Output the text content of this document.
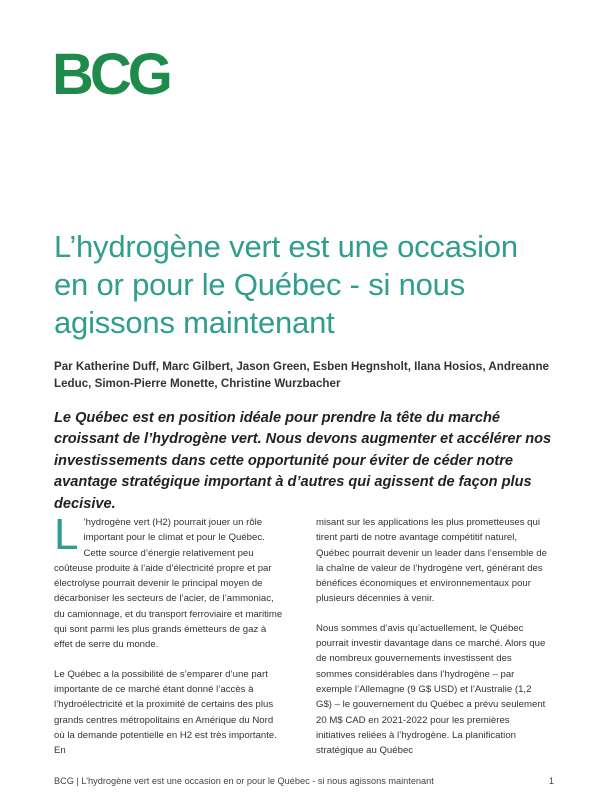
BCG
L’hydrogène vert est une occasion en or pour le Québec - si nous agissons maintenant

Par Katherine Duff, Marc Gilbert, Jason Green, Esben Hegnsholt, Ilana Hosios, Andreanne Leduc, Simon-Pierre Monette, Christine Wurzbacher

Le Québec est en position idéale pour prendre la tête du marché croissant de l’hydrogène vert. Nous devons augmenter et accélérer nos investissements dans cette opportunité pour éviter de céder notre avantage stratégique important à d’autres qui agissent de façon plus decisive.

L ’hydrogène vert (H2) pourrait jouer un rôle important pour le climat et pour le Québec. Cette source d’énergie relativement peu coûteuse produite à l’aide d’électricité propre et par électrolyse pourrait devenir le principal moyen de décarboniser les secteurs de l’acier, de l’ammoniac, du camionnage, et du transport ferroviaire et maritime qui sont parmi les plus grands émetteurs de gaz à effet de serre du monde.

Le Québec a la possibilité de s’emparer d’une part importante de ce marché étant donné l’accès à l’hydroélectricité et la proximité de certains des plus grands centres métropolitains en Amérique du Nord où la demande potentielle en H2 est très importante. En

misant sur les applications les plus prometteuses qui tirent parti de notre avantage compétitif naturel, Québec pourrait devenir un leader dans l’ensemble de la chaîne de valeur de l’hydrogène vert, générant des bénéfices économiques et environnementaux pour plusieurs décennies à venir.

Nous sommes d’avis qu’actuellement, le Québec pourrait investir davantage dans ce marché. Alors que de nombreux gouvernements investissent des sommes considérables dans l’hydrogène – par exemple l’Allemagne (9 G$ USD) et l’Australie (1,2 G$) – le gouvernement du Québec a prévu seulement 20 M$ CAD en 2021-2022 pour les premières initiatives reliées à l’hydrogène. La planification stratégique au Québec

BCG | L’hydrogène vert est une occasion en or pour le Québec - si nous agissons maintenant	1
